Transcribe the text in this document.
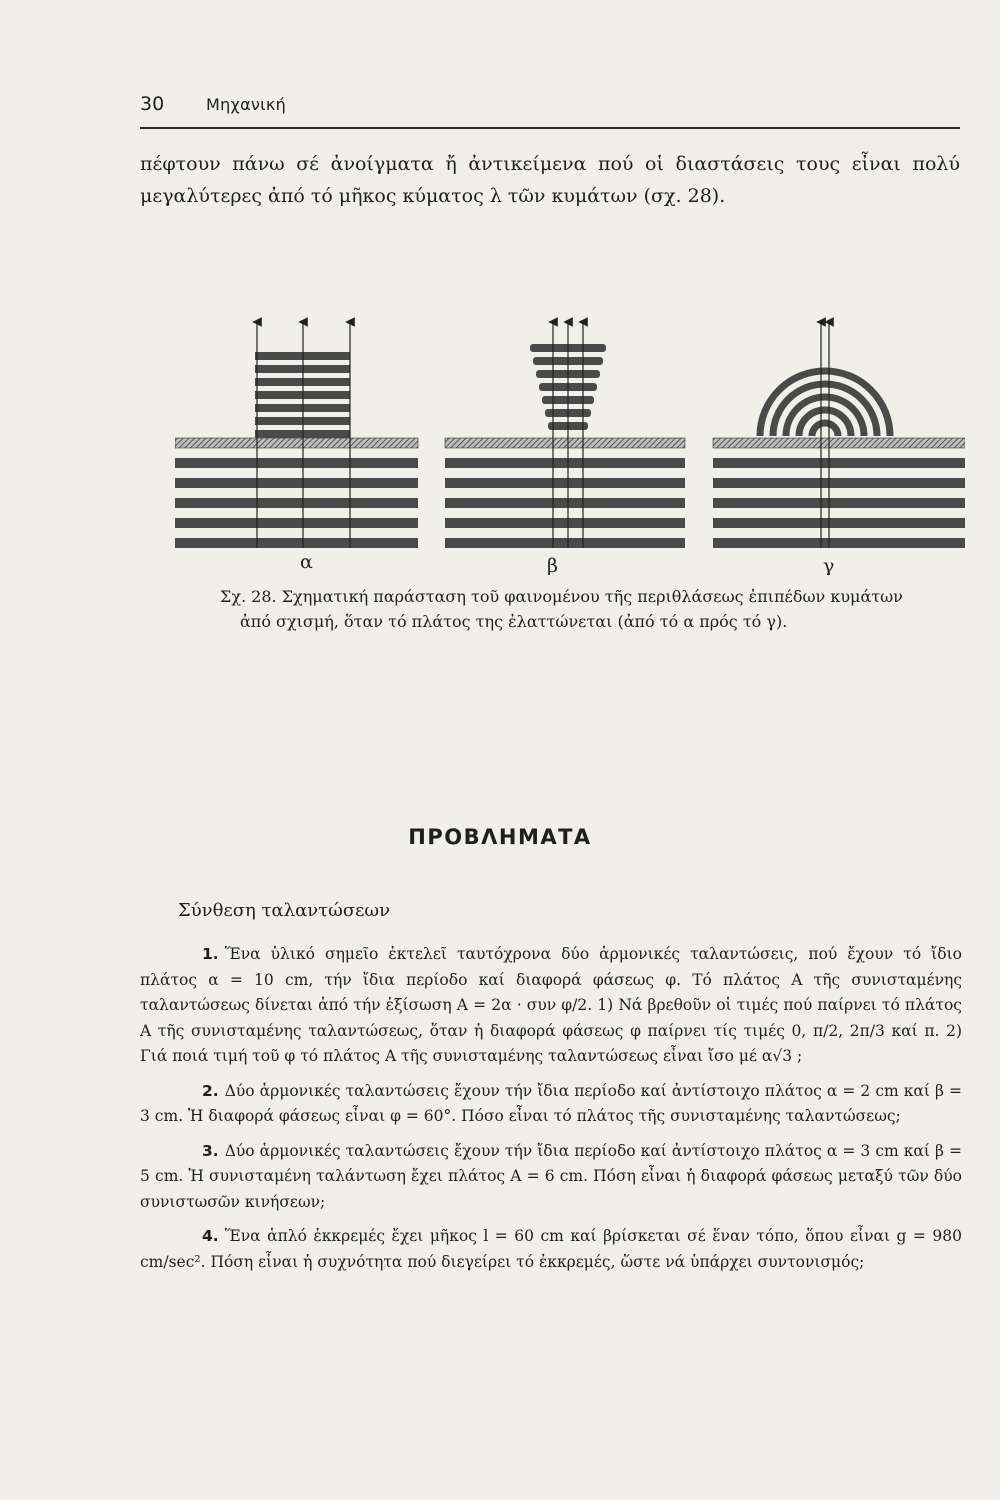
30	Μηχανική

πέφτουν πάνω σέ ἀνοίγματα ἤ ἀντικείμενα πού οἱ διαστάσεις τους εἶναι πολύ μεγαλύτερες ἀπό τό μῆκος κύματος λ τῶν κυμάτων (σχ. 28).

α	β	γ
Σχ. 28. Σχηματική παράσταση τοῦ φαινομένου τῆς περιθλάσεως ἐπιπέδων κυμάτων
ἀπό σχισμή, ὅταν τό πλάτος της ἐλαττώνεται (ἀπό τό α πρός τό γ).
ΠΡΟΒΛΗΜΑΤΑ
Σύνθεση ταλαντώσεων

1. Ἕνα ὑλικό σημεῖο ἐκτελεῖ ταυτόχρονα δύο ἁρμονικές ταλαντώσεις, πού ἔχουν τό ἴδιο πλάτος α = 10 cm, τήν ἴδια περίοδο καί διαφορά φάσεως φ. Τό πλάτος Α τῆς συνισταμένης ταλαντώσεως δίνεται ἀπό τήν ἐξίσωση Α = 2α · συν φ/2. 1) Νά βρεθοῦν οἱ τιμές πού παίρνει τό πλάτος Α τῆς συνισταμένης ταλαντώσεως, ὅταν ἡ διαφορά φάσεως φ παίρνει τίς τιμές 0, π/2, 2π/3 καί π. 2) Γιά ποιά τιμή τοῦ φ τό πλάτος Α τῆς συνισταμένης ταλαντώσεως εἶναι ἴσο μέ α√3 ;

2. Δύο ἁρμονικές ταλαντώσεις ἔχουν τήν ἴδια περίοδο καί ἀντίστοιχο πλάτος α = 2 cm καί β = 3 cm. Ἡ διαφορά φάσεως εἶναι φ = 60°. Πόσο εἶναι τό πλάτος τῆς συνισταμένης ταλαντώσεως;

3. Δύο ἁρμονικές ταλαντώσεις ἔχουν τήν ἴδια περίοδο καί ἀντίστοιχο πλάτος α = 3 cm καί β = 5 cm. Ἡ συνισταμένη ταλάντωση ἔχει πλάτος Α = 6 cm. Πόση εἶναι ἡ διαφορά φάσεως μεταξύ τῶν δύο συνιστωσῶν κινήσεων;

4. Ἕνα ἁπλό ἐκκρεμές ἔχει μῆκος l = 60 cm καί βρίσκεται σέ ἕναν τόπο, ὅπου εἶναι g = 980 cm/sec². Πόση εἶναι ἡ συχνότητα πού διεγείρει τό ἐκκρεμές, ὥστε νά ὑπάρχει συντονισμός;
